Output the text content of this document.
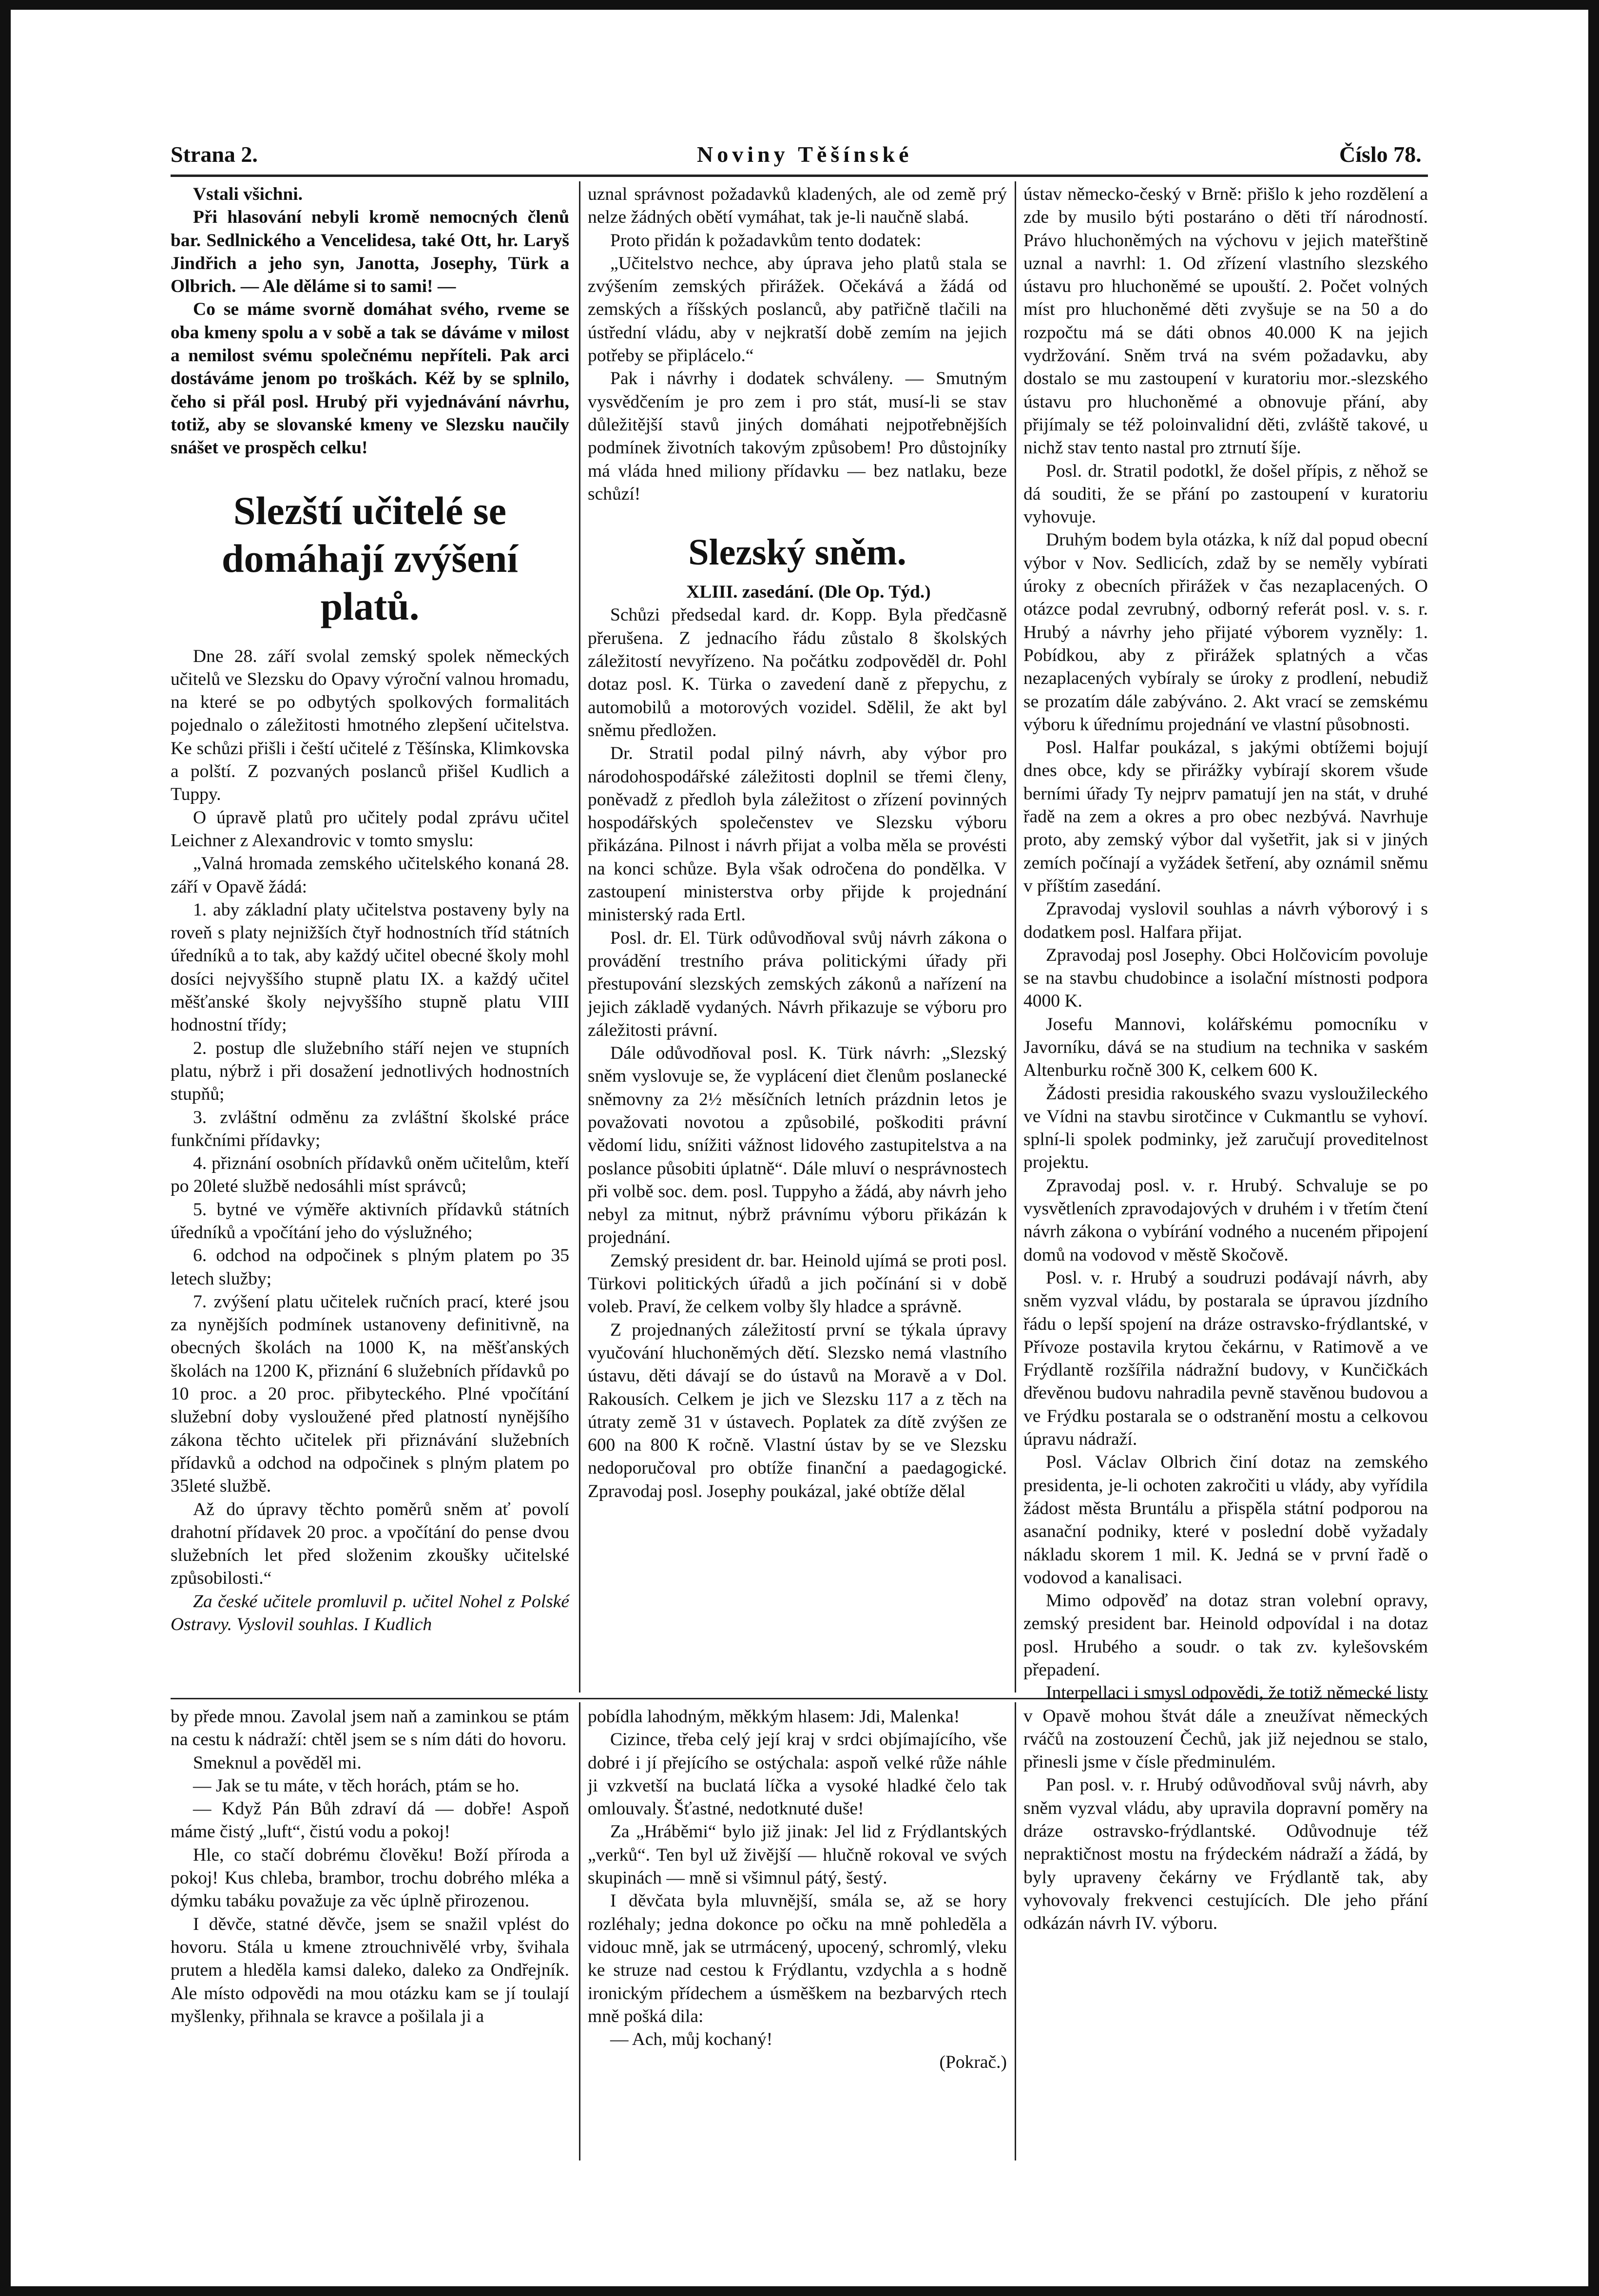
Strana 2.	Noviny Těšínské	Číslo 78.

Vstali všichni.

Při hlasování nebyli kromě nemocných členů bar. Sedlnického a Vencelidesa, také Ott, hr. Laryš Jindřich a jeho syn, Janotta, Josephy, Türk a Olbrich. — Ale děláme si to sami! —

Co se máme svorně domáhat svého, rveme se oba kmeny spolu a v sobě a tak se dáváme v milost a nemilost svému společnému nepříteli. Pak arci dostáváme jenom po troškách. Kéž by se splnilo, čeho si přál posl. Hrubý při vyjednávání návrhu, totiž, aby se slovanské kmeny ve Slezsku naučily snášet ve prospěch celku!

Slezští učitelé se domáhají zvýšení platů.

Dne 28. září svolal zemský spolek německých učitelů ve Slezsku do Opavy výroční valnou hromadu, na které se po odbytých spolkových formalitách pojednalo o záležitosti hmotného zlepšení učitelstva. Ke schůzi přišli i čeští učitelé z Těšínska, Klimkovska a polští. Z pozvaných poslanců přišel Kudlich a Tuppy.

O úpravě platů pro učitely podal zprávu učitel Leichner z Alexandrovic v tomto smyslu:

„Valná hromada zemského učitelského konaná 28. září v Opavě žádá:

1. aby základní platy učitelstva postaveny byly na roveň s platy nejnižších čtyř hodnostních tříd státních úředníků a to tak, aby každý učitel obecné školy mohl dosíci nejvyššího stupně platu IX. a každý učitel měšťanské školy nejvyššího stupně platu VIII hodnostní třídy;

2. postup dle služebního stáří nejen ve stupních platu, nýbrž i při dosažení jednotlivých hodnostních stupňů;

3. zvláštní odměnu za zvláštní školské práce funkčními přídavky;

4. přiznání osobních přídavků oněm učitelům, kteří po 20leté službě nedosáhli míst správců;

5. bytné ve výměře aktivních přídavků státních úředníků a vpočítání jeho do výslužného;

6. odchod na odpočinek s plným platem po 35 letech služby;

7. zvýšení platu učitelek ručních prací, které jsou za nynějších podmínek ustanoveny definitivně, na obecných školách na 1000 K, na měšťanských školách na 1200 K, přiznání 6 služebních přídavků po 10 proc. a 20 proc. přibyteckého. Plné vpočítání služební doby vysloužené před platností nynějšího zákona těchto učitelek při přiznávání služebních přídavků a odchod na odpočinek s plným platem po 35leté službě.

Až do úpravy těchto poměrů sněm ať povolí drahotní přídavek 20 proc. a vpočítání do pense dvou služebních let před složenim zkoušky učitelské způsobilosti.“

Za české učitele promluvil p. učitel Nohel z Polské Ostravy. Vyslovil souhlas. I Kudlich

uznal správnost požadavků kladených, ale od země prý nelze žádných obětí vymáhat, tak je-li naučně slabá.

Proto přidán k požadavkům tento dodatek:

„Učitelstvo nechce, aby úprava jeho platů stala se zvýšením zemských přirážek. Očekává a žádá od zemských a říšských poslanců, aby patřičně tlačili na ústřední vládu, aby v nejkratší době zemím na jejich potřeby se připlácelo.“

Pak i návrhy i dodatek schváleny. — Smutným vysvědčením je pro zem i pro stát, musí-li se stav důležitější stavů jiných domáhati nejpotřebnějších podmínek životních takovým způsobem! Pro důstojníky má vláda hned miliony přídavku — bez natlaku, beze schůzí!

Slezský sněm.

XLIII. zasedání. (Dle Op. Týd.)

Schůzi předsedal kard. dr. Kopp. Byla předčasně přerušena. Z jednacího řádu zůstalo 8 školských záležitostí nevyřízeno. Na počátku zodpověděl dr. Pohl dotaz posl. K. Türka o zavedení daně z přepychu, z automobilů a motorových vozidel. Sdělil, že akt byl sněmu předložen.

Dr. Stratil podal pilný návrh, aby výbor pro národohospodářské záležitosti doplnil se třemi členy, poněvadž z předloh byla záležitost o zřízení povinných hospodářských společenstev ve Slezsku výboru přikázána. Pilnost i návrh přijat a volba měla se provésti na konci schůze. Byla však odročena do pondělka. V zastoupení ministerstva orby přijde k projednání ministerský rada Ertl.

Posl. dr. El. Türk odůvodňoval svůj návrh zákona o provádění trestního práva politickými úřady při přestupování slezských zemských zákonů a nařízení na jejich základě vydaných. Návrh přikazuje se výboru pro záležitosti právní.

Dále odůvodňoval posl. K. Türk návrh: „Slezský sněm vyslovuje se, že vyplácení diet členům poslanecké sněmovny za 2½ měsíčních letních prázdnin letos je považovati novotou a způsobilé, poškoditi právní vědomí lidu, snížiti vážnost lidového zastupitelstva a na poslance působiti úplatně“. Dále mluví o nesprávnostech při volbě soc. dem. posl. Tuppyho a žádá, aby návrh jeho nebyl za mitnut, nýbrž právnímu výboru přikázán k projednání.

Zemský president dr. bar. Heinold ujímá se proti posl. Türkovi politických úřadů a jich počínání si v době voleb. Praví, že celkem volby šly hladce a správně.

Z projednaných záležitostí první se týkala úpravy vyučování hluchoněmých dětí. Slezsko nemá vlastního ústavu, děti dávají se do ústavů na Moravě a v Dol. Rakousích. Celkem je jich ve Slezsku 117 a z těch na útraty země 31 v ústavech. Poplatek za dítě zvýšen ze 600 na 800 K ročně. Vlastní ústav by se ve Slezsku nedoporučoval pro obtíže finanční a paedagogické. Zpravodaj posl. Josephy poukázal, jaké obtíže dělal

ústav německo-český v Brně: přišlo k jeho rozdělení a zde by musilo býti postaráno o děti tří národností. Právo hluchoněmých na výchovu v jejich mateřštině uznal a navrhl: 1. Od zřízení vlastního slezského ústavu pro hluchoněmé se upouští. 2. Počet volných míst pro hluchoněmé děti zvyšuje se na 50 a do rozpočtu má se dáti obnos 40.000 K na jejich vydržování. Sněm trvá na svém požadavku, aby dostalo se mu zastoupení v kuratoriu mor.-slezského ústavu pro hluchoněmé a obnovuje přání, aby přijímaly se též poloinvalidní děti, zvláště takové, u nichž stav tento nastal pro ztrnutí šíje.

Posl. dr. Stratil podotkl, že došel přípis, z něhož se dá souditi, že se přání po zastoupení v kuratoriu vyhovuje.

Druhým bodem byla otázka, k níž dal popud obecní výbor v Nov. Sedlicích, zdaž by se neměly vybírati úroky z obecních přirážek v čas nezaplacených. O otázce podal zevrubný, odborný referát posl. v. s. r. Hrubý a návrhy jeho přijaté výborem vyzněly: 1. Pobídkou, aby z přirážek splatných a včas nezaplacených vybíraly se úroky z prodlení, nebudiž se prozatím dále zabýváno. 2. Akt vrací se zemskému výboru k úřednímu projednání ve vlastní působnosti.

Posl. Halfar poukázal, s jakými obtížemi bojují dnes obce, kdy se přirážky vybírají skorem všude berními úřady Ty nejprv pamatují jen na stát, v druhé řadě na zem a okres a pro obec nezbývá. Navrhuje proto, aby zemský výbor dal vyšetřit, jak si v jiných zemích počínají a vyžádek šetření, aby oznámil sněmu v příštím zasedání.

Zpravodaj vyslovil souhlas a návrh výborový i s dodatkem posl. Halfara přijat.

Zpravodaj posl Josephy. Obci Holčovicím povoluje se na stavbu chudobince a isolační místnosti podpora 4000 K.

Josefu Mannovi, kolářskému pomocníku v Javorníku, dává se na studium na technika v saském Altenburku ročně 300 K, celkem 600 K.

Žádosti presidia rakouského svazu vysloužileckého ve Vídni na stavbu sirotčince v Cukmantlu se vyhoví. splní-li spolek podminky, jež zaručují proveditelnost projektu.

Zpravodaj posl. v. r. Hrubý. Schvaluje se po vysvětleních zpravodajových v druhém i v třetím čtení návrh zákona o vybírání vodného a nuceném připojení domů na vodovod v městě Skočově.

Posl. v. r. Hrubý a soudruzi podávají návrh, aby sněm vyzval vládu, by postarala se úpravou jízdního řádu o lepší spojení na dráze ostravsko-frýdlantské, v Přívoze postavila krytou čekárnu, v Ratimově a ve Frýdlantě rozšířila nádražní budovy, v Kunčičkách dřevěnou budovu nahradila pevně stavěnou budovou a ve Frýdku postarala se o odstranění mostu a celkovou úpravu nádraží.

Posl. Václav Olbrich činí dotaz na zemského presidenta, je-li ochoten zakročiti u vlády, aby vyřídila žádost města Bruntálu a přispěla státní podporou na asanační podniky, které v poslední době vyžadaly nákladu skorem 1 mil. K. Jedná se v první řadě o vodovod a kanalisaci.

Mimo odpověď na dotaz stran volební opravy, zemský president bar. Heinold odpovídal i na dotaz posl. Hrubého a soudr. o tak zv. kylešovském přepadení.

Interpellaci i smysl odpovědi, že totiž německé listy v Opavě mohou štvát dále a zneužívat německých rváčů na zostouzení Čechů, jak již nejednou se stalo, přinesli jsme v čísle předminulém.

Pan posl. v. r. Hrubý odůvodňoval svůj návrh, aby sněm vyzval vládu, aby upravila dopravní poměry na dráze ostravsko-frýdlantské. Odůvodnuje též nepraktičnost mostu na frýdeckém nádraží a žádá, by byly upraveny čekárny ve Frýdlantě tak, aby vyhovovaly frekvenci cestujících. Dle jeho přání odkázán návrh IV. výboru.

by přede mnou. Zavolal jsem naň a zaminkou se ptám na cestu k nádraží: chtěl jsem se s ním dáti do hovoru.

Smeknul a pověděl mi.

— Jak se tu máte, v těch horách, ptám se ho.

— Když Pán Bůh zdraví dá — dobře! Aspoň máme čistý „luft“, čistú vodu a pokoj!

Hle, co stačí dobrému člověku! Boží příroda a pokoj! Kus chleba, brambor, trochu dobrého mléka a dýmku tabáku považuje za věc úplně přirozenou.

I děvče, statné děvče, jsem se snažil vplést do hovoru. Stála u kmene ztrouchnivělé vrby, švihala prutem a hleděla kamsi daleko, daleko za Ondřejník. Ale místo odpovědi na mou otázku kam se jí toulají myšlenky, přihnala se kravce a pošilala ji a

pobídla lahodným, měkkým hlasem: Jdi, Malenka!

Cizince, třeba celý její kraj v srdci objímajícího, vše dobré i jí přejícího se ostýchala: aspoň velké růže náhle ji vzkvetší na buclatá líčka a vysoké hladké čelo tak omlouvaly. Šťastné, nedotknuté duše!

Za „Hráběmi“ bylo již jinak: Jel lid z Frýdlantských „verků“. Ten byl už živější — hlučně rokoval ve svých skupinách — mně si všimnul pátý, šestý.

I děvčata byla mluvnější, smála se, až se hory rozléhaly; jedna dokonce po očku na mně pohleděla a vidouc mně, jak se utrmácený, upocený, schromlý, vleku ke struze nad cestou k Frýdlantu, vzdychla a s hodně ironickým přídechem a úsměškem na bezbarvých rtech mně pošká dila:

— Ach, můj kochaný!

(Pokrač.)
